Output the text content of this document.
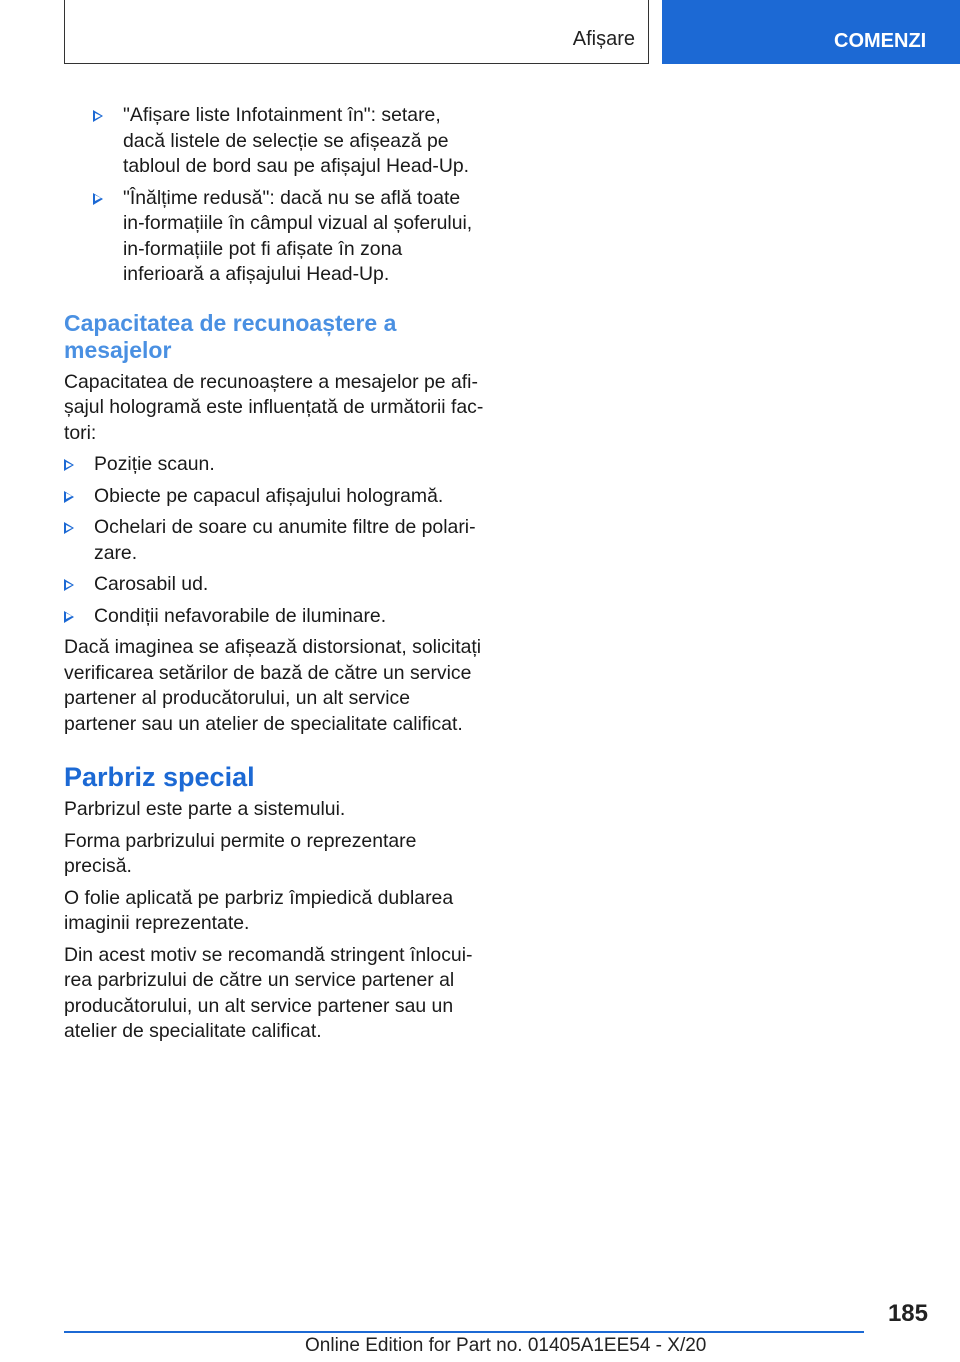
Afișare	COMENZI
"Afișare liste Infotainment în": setare, dacă listele de selecție se afișează pe tabloul de bord sau pe afișajul Head-Up.
"Înălțime redusă": dacă nu se află toate in‐formațiile în câmpul vizual al șoferului, in‐formațiile pot fi afișate în zona inferioară a afișajului Head-Up.
Capacitatea de recunoaștere a mesajelor

Capacitatea de recunoaștere a mesajelor pe afi‐șajul hologramă este influențată de următorii fac‐tori:

Poziție scaun.
Obiecte pe capacul afișajului hologramă.
Ochelari de soare cu anumite filtre de polari‐zare.
Carosabil ud.
Condiții nefavorabile de iluminare.

Dacă imaginea se afișează distorsionat, solicitați verificarea setărilor de bază de către un service partener al producătorului, un alt service partener sau un atelier de specialitate calificat.

Parbriz special

Parbrizul este parte a sistemului.

Forma parbrizului permite o reprezentare precisă.

O folie aplicată pe parbriz împiedică dublarea imaginii reprezentate.

Din acest motiv se recomandă stringent înlocui‐rea parbrizului de către un service partener al producătorului, un alt service partener sau un atelier de specialitate calificat.

185
Online Edition for Part no. 01405A1EE54 - X/20
